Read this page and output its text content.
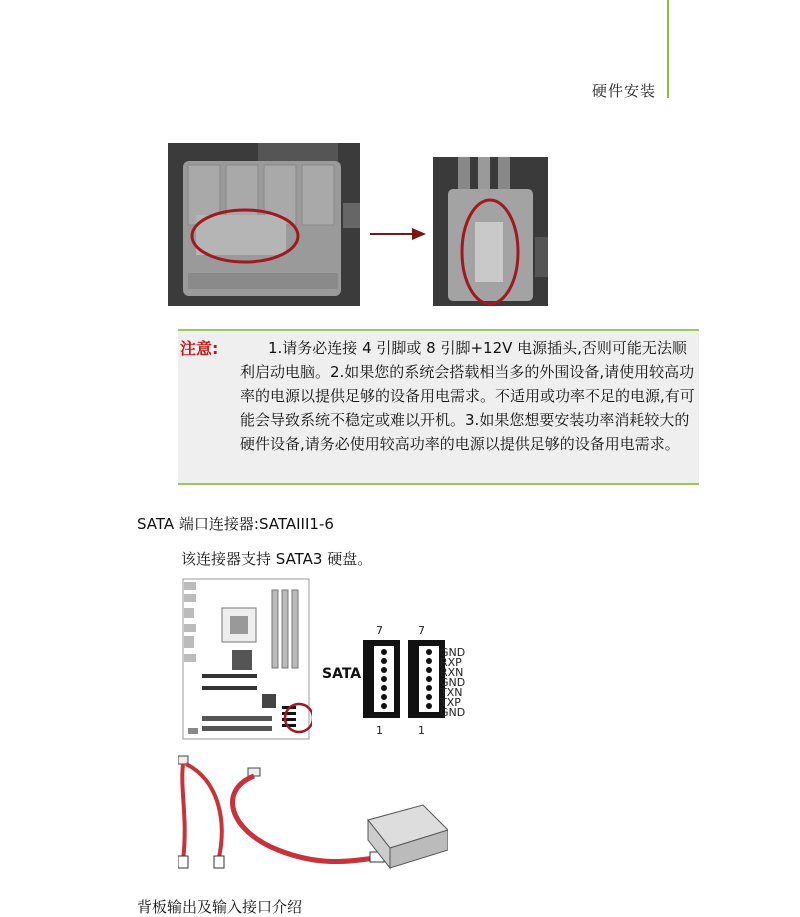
硬件安装
注意:	1.请务必连接 4 引脚或 8 引脚+12V 电源插头,否则可能无法顺利启动电脑。2.如果您的系统会搭载相当多的外围设备,请使用较高功率的电源以提供足够的设备用电需求。不适用或功率不足的电源,有可能会导致系统不稳定或难以开机。3.如果您想要安装功率消耗较大的硬件设备,请务必使用较高功率的电源以提供足够的设备用电需求。
SATA 端口连接器:SATAIII1-6
该连接器支持 SATA3 硬盘。
SATA
7	7
1	1
GND
RXP
RXN
GND
TXN
TXP
GND
背板输出及输入接口介绍
